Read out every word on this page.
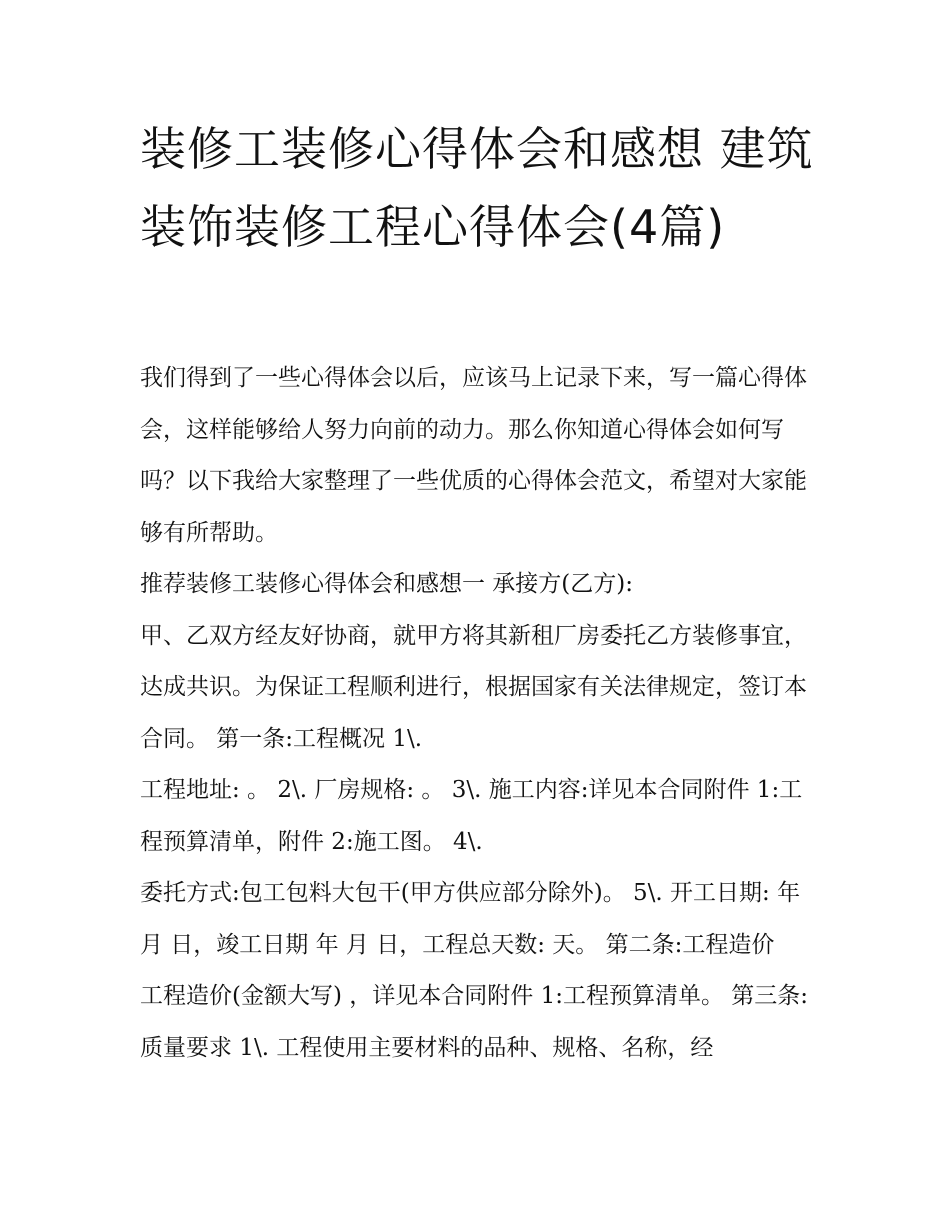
装修工装修心得体会和感想 建筑装饰装修工程心得体会(4篇)

我们得到了一些心得体会以后，应该马上记录下来，写一篇心得体会，这样能够给人努力向前的动力。那么你知道心得体会如何写吗？以下我给大家整理了一些优质的心得体会范文，希望对大家能够有所帮助。

推荐装修工装修心得体会和感想一 承接方(乙方):

甲、乙双方经友好协商，就甲方将其新租厂房委托乙方装修事宜，达成共识。为保证工程顺利进行，根据国家有关法律规定，签订本合同。 第一条:工程概况 1\.

工程地址: 。 2\. 厂房规格: 。 3\. 施工内容:详见本合同附件 1:工程预算清单，附件 2:施工图。 4\.

委托方式:包工包料大包干(甲方供应部分除外)。 5\. 开工日期: 年 月 日，竣工日期 年 月 日，工程总天数: 天。 第二条:工程造价

工程造价(金额大写) ，详见本合同附件 1:工程预算清单。 第三条:质量要求 1\. 工程使用主要材料的品种、规格、名称，经
